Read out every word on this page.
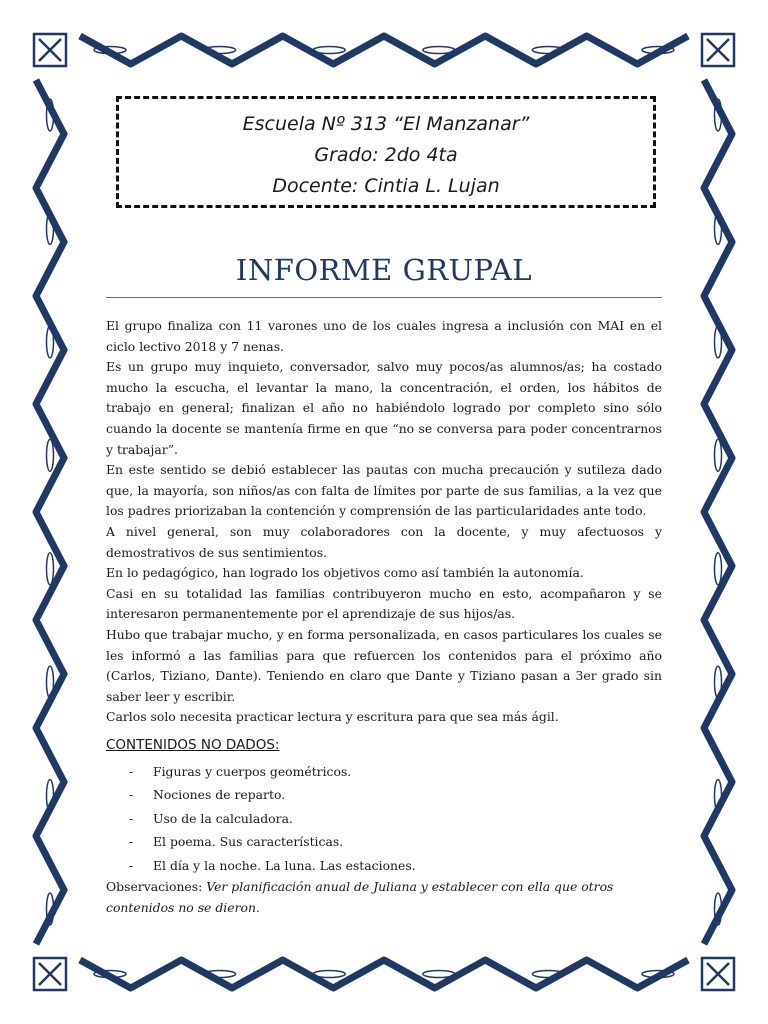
Escuela Nº 313 “El Manzanar”
Grado: 2do 4ta
Docente: Cintia L. Lujan
INFORME GRUPAL

El grupo finaliza con 11 varones uno de los cuales ingresa a inclusión con MAI en el ciclo lectivo 2018 y 7 nenas.

Es un grupo muy inquieto, conversador, salvo muy pocos/as alumnos/as; ha costado mucho la escucha, el levantar la mano, la concentración, el orden, los hábitos de trabajo en general; finalizan el año no habiéndolo logrado por completo sino sólo cuando la docente se mantenía firme en que “no se conversa para poder concentrarnos y trabajar”.

En este sentido se debió establecer las pautas con mucha precaución y sutileza dado que, la mayoría, son niños/as con falta de límites por parte de sus familias, a la vez que los padres priorizaban la contención y comprensión de las particularidades ante todo.

A nivel general, son muy colaboradores con la docente, y muy afectuosos y demostrativos de sus sentimientos.

En lo pedagógico, han logrado los objetivos como así también la autonomía.

Casi en su totalidad las familias contribuyeron mucho en esto, acompañaron y se interesaron permanentemente por el aprendizaje de sus hijos/as.

Hubo que trabajar mucho, y en forma personalizada, en casos particulares los cuales se les informó a las familias para que refuercen los contenidos para el próximo año (Carlos, Tiziano, Dante). Teniendo en claro que Dante y Tiziano pasan a 3er grado sin saber leer y escribir.

Carlos solo necesita practicar lectura y escritura para que sea más ágil.

CONTENIDOS NO DADOS:
- Figuras y cuerpos geométricos.
- Nociones de reparto.
- Uso de la calculadora.
- El poema. Sus características.
- El día y la noche. La luna. Las estaciones.
Observaciones: Ver planificación anual de Juliana y establecer con ella que otros contenidos no se dieron.
